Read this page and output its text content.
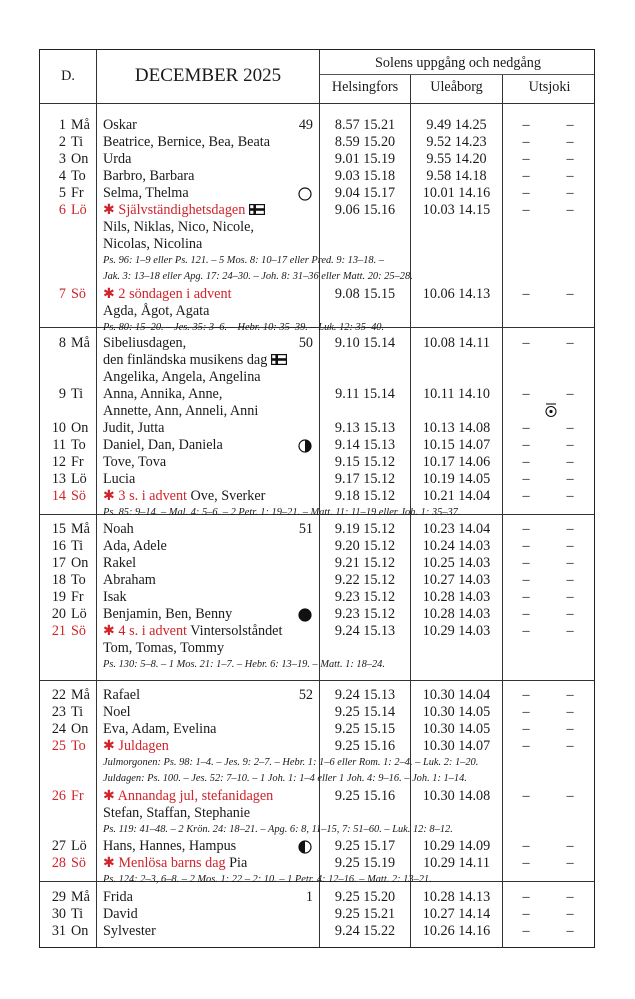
D.	DECEMBER 2025
Solens uppgång och nedgång
Helsingfors	Uleåborg	Utsjoki
1 Må Oskar	49	8.57 15.21	9.49 14.25	–	–
2 Ti	Beatrice, Bernice, Bea, Beata	8.59 15.20	9.52 14.23	–	–
3 On	Urda	9.01 15.19	9.55 14.20	–	–
4 To	Barbro, Barbara	9.03 15.18	9.58 14.18	–	–
5 Fr	Selma, Thelma	9.04 15.17	10.01 14.16	–	–
6 Lö	✱ Självständighetsdagen	9.06 15.16	10.03 14.15	–	–
Nils, Niklas, Nico, Nicole,
Nicolas, Nicolina
Ps. 96: 1–9 eller Ps. 121. – 5 Mos. 8: 10–17 eller Pred. 9: 13–18. –
Jak. 3: 13–18 eller Apg. 17: 24–30. – Joh. 8: 31–36 eller Matt. 20: 25–28.
7 Sö	✱ 2 söndagen i advent	9.08 15.15	10.06 14.13	–	–
Agda, Ågot, Agata
Ps. 80: 15–20. – Jes. 35: 3–6. – Hebr. 10: 35–39. – Luk. 12: 35–40.
8 Må Sibeliusdagen,	50	9.10 15.14	10.08 14.11	–	–
den finländska musikens dag
Angelika, Angela, Angelina
9 Ti	Anna, Annika, Anne,	9.11 15.14	10.11 14.10	–	–
Annette, Ann, Anneli, Anni
10 On	Judit, Jutta	9.13 15.13	10.13 14.08	–	–
11 To	Daniel, Dan, Daniela	9.14 15.13	10.15 14.07	–	–
12 Fr	Tove, Tova	9.15 15.12	10.17 14.06	–	–
13 Lö	Lucia	9.17 15.12	10.19 14.05	–	–
14 Sö	✱ 3 s. i advent Ove, Sverker	9.18 15.12	10.21 14.04	–	–
Ps. 85: 9–14. – Mal. 4: 5–6. – 2 Petr. 1: 19–21. – Matt. 11: 11–19 eller Joh. 1: 35–37.
15 Må Noah	51	9.19 15.12	10.23 14.04	–	–
16 Ti	Ada, Adele	9.20 15.12	10.24 14.03	–	–
17 On	Rakel	9.21 15.12	10.25 14.03	–	–
18 To	Abraham	9.22 15.12	10.27 14.03	–	–
19 Fr	Isak	9.23 15.12	10.28 14.03	–	–
20 Lö	Benjamin, Ben, Benny	9.23 15.12	10.28 14.03	–	–
21 Sö	✱ 4 s. i advent Vintersolståndet	9.24 15.13	10.29 14.03	–	–
Tom, Tomas, Tommy
Ps. 130: 5–8. – 1 Mos. 21: 1–7. – Hebr. 6: 13–19. – Matt. 1: 18–24.
22 Må Rafael	52	9.24 15.13	10.30 14.04	–	–
23 Ti	Noel	9.25 15.14	10.30 14.05	–	–
24 On	Eva, Adam, Evelina	9.25 15.15	10.30 14.05	–	–
25 To	✱ Juldagen	9.25 15.16	10.30 14.07	–	–
Julmorgonen: Ps. 98: 1–4. – Jes. 9: 2–7. – Hebr. 1: 1–6 eller Rom. 1: 2–4. – Luk. 2: 1–20.
Juldagen: Ps. 100. – Jes. 52: 7–10. – 1 Joh. 1: 1–4 eller 1 Joh. 4: 9–16. – Joh. 1: 1–14.
26 Fr	✱ Annandag jul, stefanidagen	9.25 15.16	10.30 14.08	–	–
Stefan, Staffan, Stephanie
Ps. 119: 41–48. – 2 Krön. 24: 18–21. – Apg. 6: 8, 11–15, 7: 51–60. – Luk. 12: 8–12.
27 Lö	Hans, Hannes, Hampus	9.25 15.17	10.29 14.09	–	–
28 Sö	✱ Menlösa barns dag Pia	9.25 15.19	10.29 14.11	–	–
Ps. 124: 2–3, 6–8. – 2 Mos. 1: 22 – 2: 10. – 1 Petr. 4: 12–16. – Matt. 2: 13–21.
29 Må Frida	1	9.25 15.20	10.28 14.13	–	–
30 Ti	David	9.25 15.21	10.27 14.14	–	–
31 On	Sylvester	9.24 15.22	10.26 14.16	–	–
